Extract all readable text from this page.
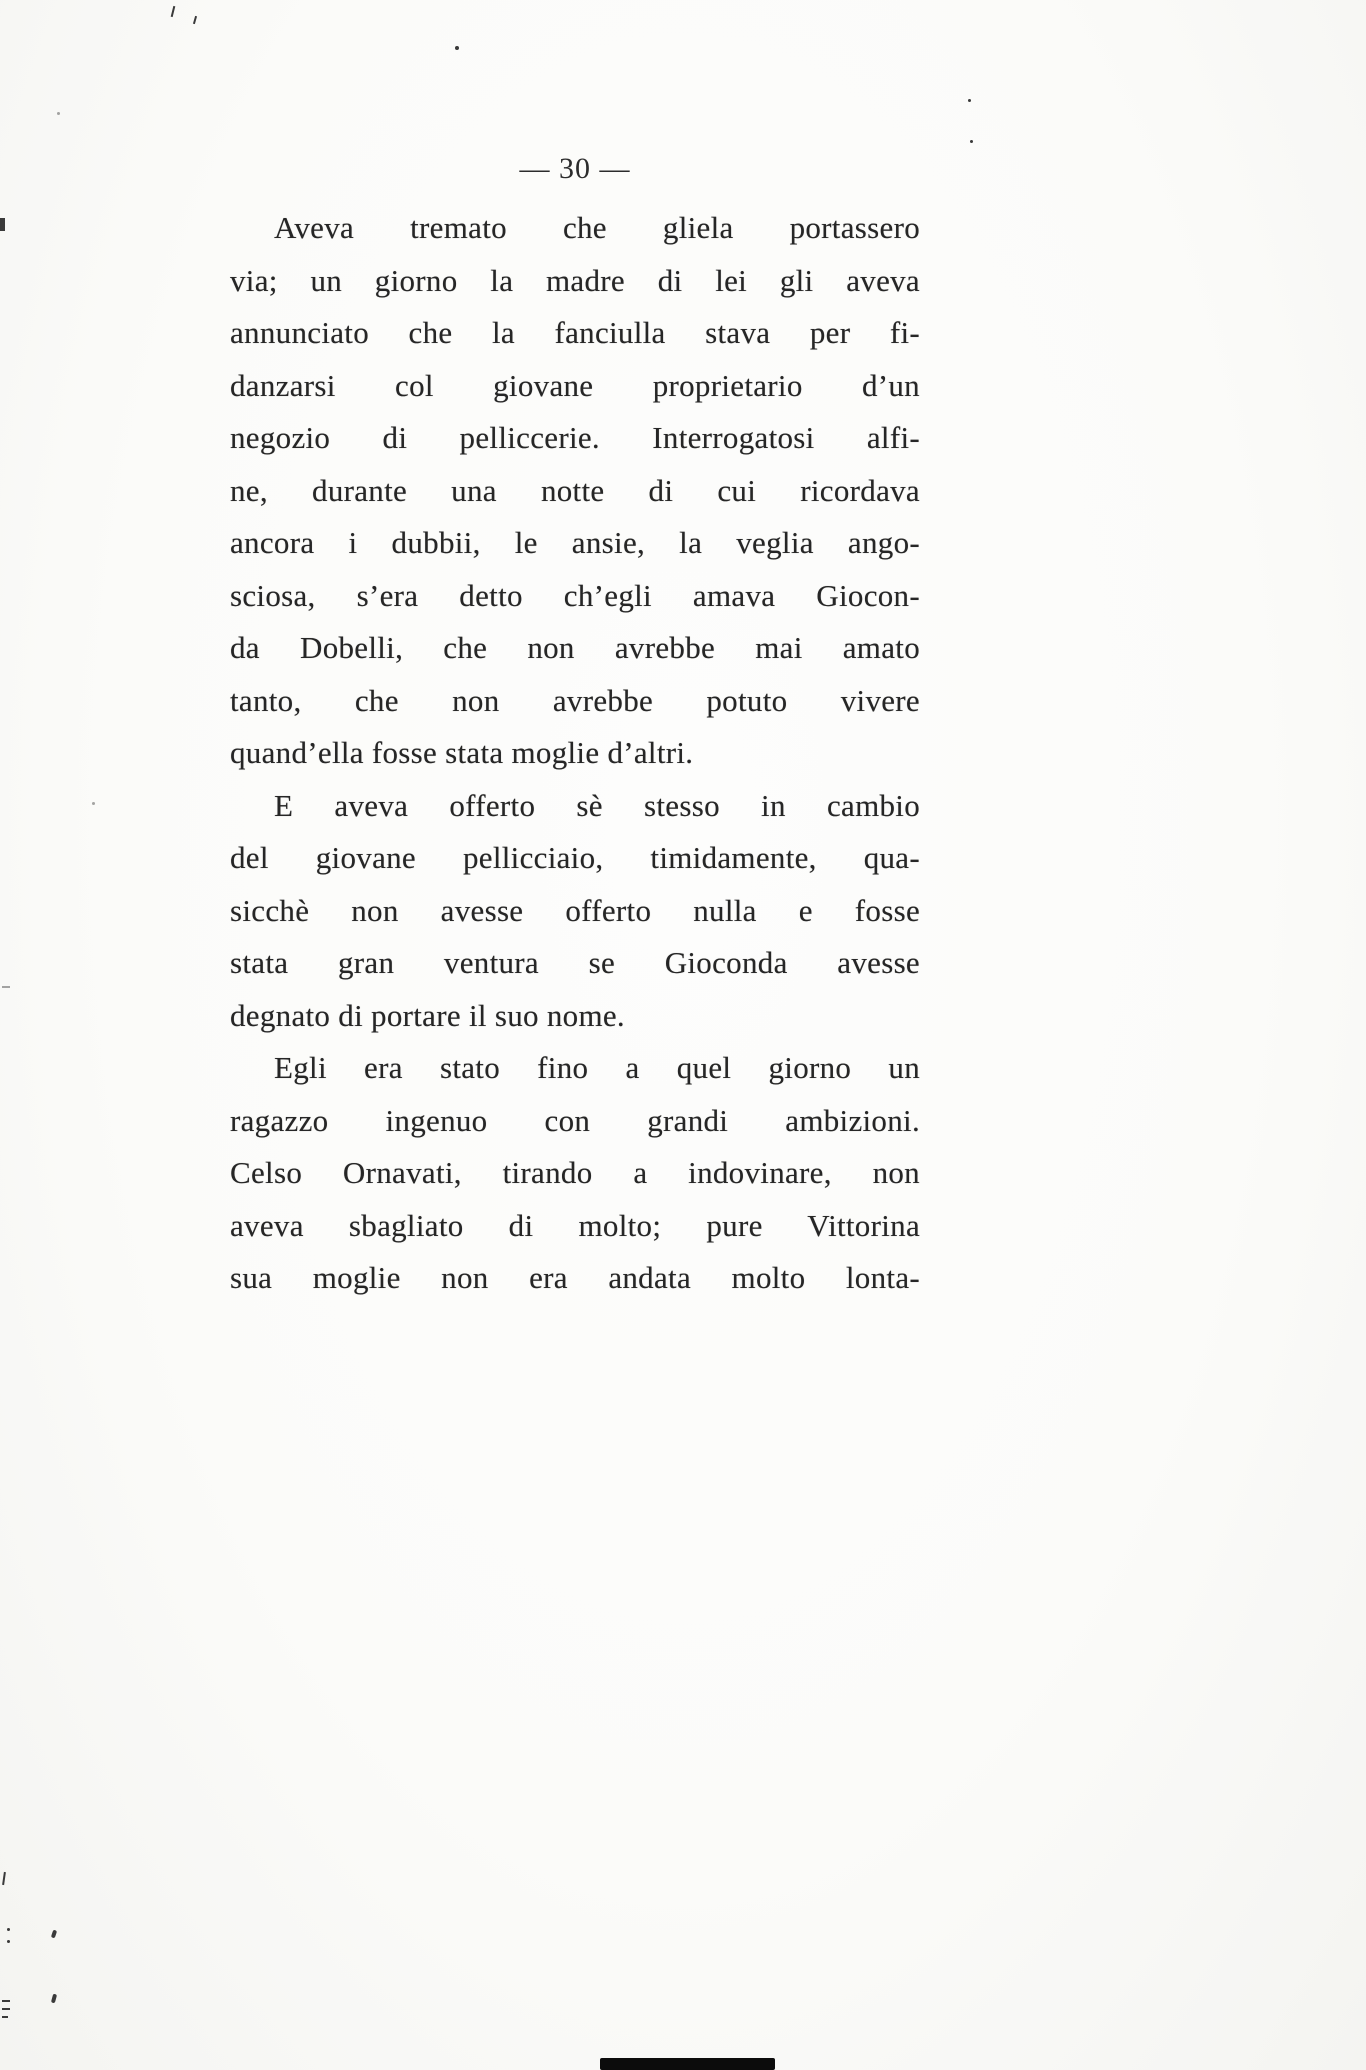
— 30 —
Aveva tremato che gliela portassero
via; un giorno la madre di lei gli aveva
annunciato che la fanciulla stava per fi-
danzarsi col giovane proprietario d’un
negozio di pelliccerie. Interrogatosi alfi-
ne, durante una notte di cui ricordava
ancora i dubbii, le ansie, la veglia ango-
sciosa, s’era detto ch’egli amava Giocon-
da Dobelli, che non avrebbe mai amato
tanto, che non avrebbe potuto vivere
quand’ella fosse stata moglie d’altri.
E aveva offerto sè stesso in cambio
del giovane pellicciaio, timidamente, qua-
sicchè non avesse offerto nulla e fosse
stata gran ventura se Gioconda avesse
degnato di portare il suo nome.
Egli era stato fino a quel giorno un
ragazzo ingenuo con grandi ambizioni.
Celso Ornavati, tirando a indovinare, non
aveva sbagliato di molto; pure Vittorina
sua moglie non era andata molto lonta-
